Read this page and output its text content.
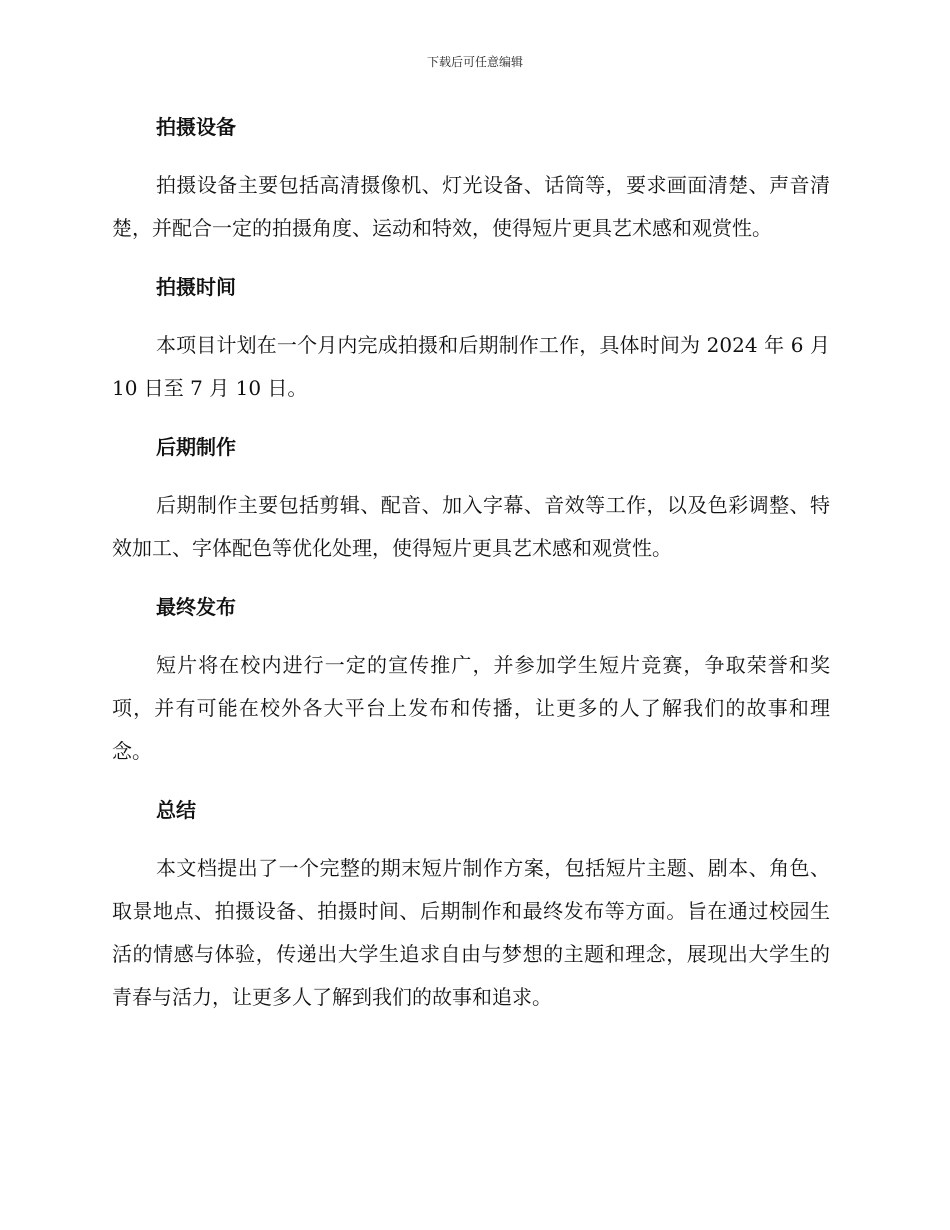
下载后可任意编辑
拍摄设备

拍摄设备主要包括高清摄像机、灯光设备、话筒等，要求画面清楚、声音清楚，并配合一定的拍摄角度、运动和特效，使得短片更具艺术感和观赏性。

拍摄时间

本项目计划在一个月内完成拍摄和后期制作工作，具体时间为 2024 年 6 月 10 日至 7 月 10 日。

后期制作

后期制作主要包括剪辑、配音、加入字幕、音效等工作，以及色彩调整、特效加工、字体配色等优化处理，使得短片更具艺术感和观赏性。

最终发布

短片将在校内进行一定的宣传推广，并参加学生短片竞赛，争取荣誉和奖项，并有可能在校外各大平台上发布和传播，让更多的人了解我们的故事和理念。

总结

本文档提出了一个完整的期末短片制作方案，包括短片主题、剧本、角色、取景地点、拍摄设备、拍摄时间、后期制作和最终发布等方面。旨在通过校园生活的情感与体验，传递出大学生追求自由与梦想的主题和理念，展现出大学生的青春与活力，让更多人了解到我们的故事和追求。
